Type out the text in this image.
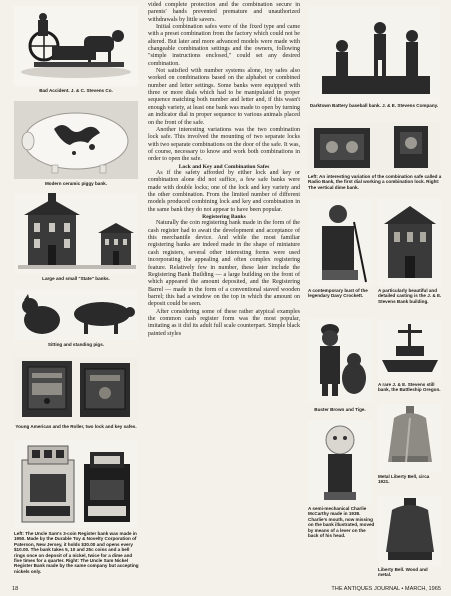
Bad Accident. J. & C. Stevens Co.
Modern ceramic piggy bank.
Large and small "State" banks.
Sitting and standing pigs.
Young American and the Roller, two lock and key safes.
Left: The Uncle Sam's 3-coin Register bank was made in 1950. Made by the Durable Toy & Novelty Corporation of Paterson, New Jersey, it holds $30.00 and opens every $10.00. The bank takes 5, 10 and 25c coins and a bell rings once on deposit of a nickel, twice for a dime and five times for a quarter. Right: The Uncle Sam Nickel Register Bank made by the same company but accepting nickels only.

vided complete protection and the combination secure in parents' hands prevented premature and unauthorized withdrawals by little savers.

Initial combination safes were of the fixed type and came with a preset combination from the factory which could not be altered. But later and more advanced models were made with changeable combination settings and the owners, following "simple instructions enclosed," could set any desired combination.

Not satisfied with number systems alone, toy safes also worked on combinations based on the alphabet or combined number and letter settings. Some banks were equipped with three or more dials which had to be manipulated in proper sequence matching both number and letter and, if this wasn't enough variety, at least one bank was made to open by turning an indicator dial in proper sequence to various animals placed on the front of the safe.

Another interesting variations was the two combination lock safe. This involved the mounting of two separate locks with two separate combinations on the door of the safe. It was, of course, necessary to know and work both combinations in order to open the safe.

Lock and Key and Combination Safes

As if the safety afforded by either lock and key or combination alone did not suffice, a few safe banks were made with double locks; one of the lock and key variety and the other combination. From the limited number of different models produced combining lock and key and combination in the same bank they do not appear to have been popular.

Registering Banks

Naturally the coin registering bank made in the form of the cash register had to await the development and acceptance of this merchantile device. And while the most familiar registering banks are indeed made in the shape of miniature cash registers, several other interesting forms were used incorporating the appealing and often complex registering feature. Relatively few in number, these later include the Registering Bank Building — a large building on the front of which appeared the amount deposited, and the Registering Barrel — made in the form of a conventional staved wooden barrel; this had a window on the top in which the amount on deposit could be seen.

After considering some of these rather atypical examples the common cash register form was the most popular, imitating as it did its adult full scale counterpart. Simple black painted styles

Darktown Battery baseball bank. J. & E. Stevens Company.
Left: An interesting variation of the combination safe called a Radio Bank, the first dial working a combination lock. Right: The vertical dime bank.
A contemporary bust of the legendary Davy Crockett.
A particularly beautiful and detailed casting is the J. & E. Stevens Bank building.
Buster Brown and Tige.
A rare J. & E. Stevens still bank, the Battleship Oregon.
Metal Liberty Bell, circa 1921.
A semi-mechanical Charlie McCarthy made in 1938. Charlie's mouth, now missing on the bank illustrated, moved by means of a lever on the back of his head.
Liberty Bell. Wood and metal.
18	THE ANTIQUES JOURNAL • MARCH, 1965
